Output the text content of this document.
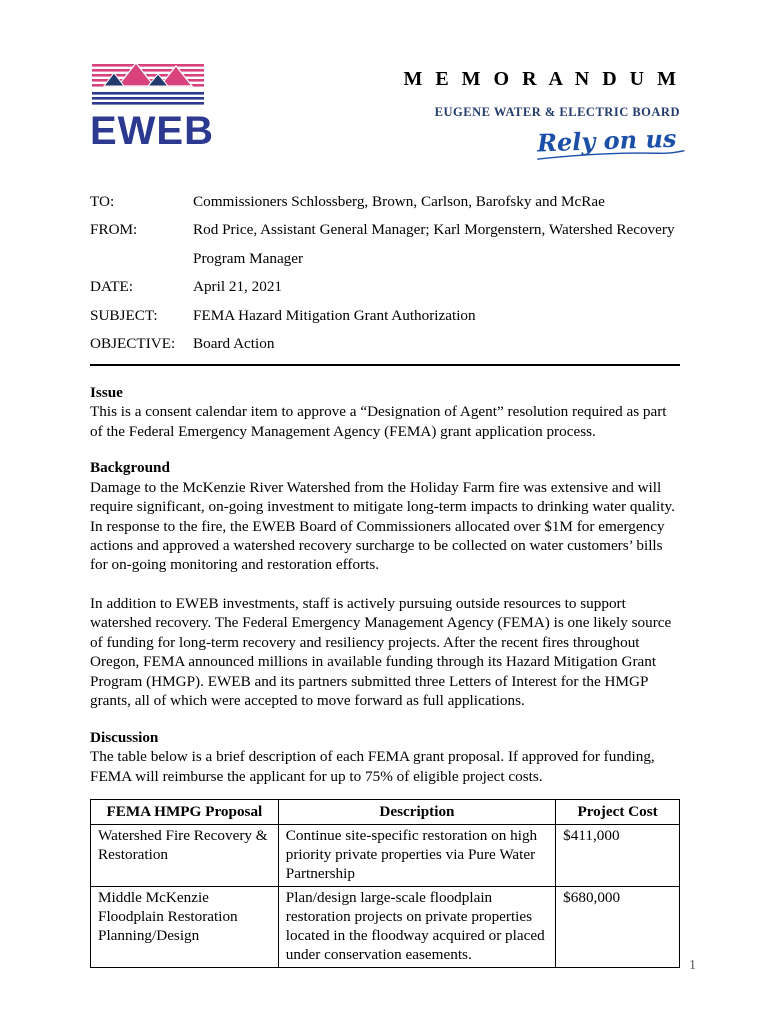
EWEB
M E M O R A N D U M
EUGENE WATER & ELECTRIC BOARD
Rely on us
TO:	Commissioners Schlossberg, Brown, Carlson, Barofsky and McRae
FROM:	Rod Price, Assistant General Manager; Karl Morgenstern, Watershed Recovery
Program Manager
DATE:	April 21, 2021
SUBJECT:	FEMA Hazard Mitigation Grant Authorization
OBJECTIVE:	Board Action
Issue

This is a consent calendar item to approve a “Designation of Agent” resolution required as part of the Federal Emergency Management Agency (FEMA) grant application process.

Background

Damage to the McKenzie River Watershed from the Holiday Farm fire was extensive and will require significant, on-going investment to mitigate long-term impacts to drinking water quality. In response to the fire, the EWEB Board of Commissioners allocated over $1M for emergency actions and approved a watershed recovery surcharge to be collected on water customers’ bills for on-going monitoring and restoration efforts.

In addition to EWEB investments, staff is actively pursuing outside resources to support watershed recovery. The Federal Emergency Management Agency (FEMA) is one likely source of funding for long-term recovery and resiliency projects. After the recent fires throughout Oregon, FEMA announced millions in available funding through its Hazard Mitigation Grant Program (HMGP). EWEB and its partners submitted three Letters of Interest for the HMGP grants, all of which were accepted to move forward as full applications.

Discussion

The table below is a brief description of each FEMA grant proposal. If approved for funding, FEMA will reimburse the applicant for up to 75% of eligible project costs.

FEMA HMPG Proposal	Description	Project Cost
Watershed Fire Recovery & Restoration	Continue site-specific restoration on high priority private properties via Pure Water Partnership	$411,000
Middle McKenzie Floodplain Restoration Planning/Design	Plan/design large-scale floodplain restoration projects on private properties located in the floodway acquired or placed under conservation easements.	$680,000
1
